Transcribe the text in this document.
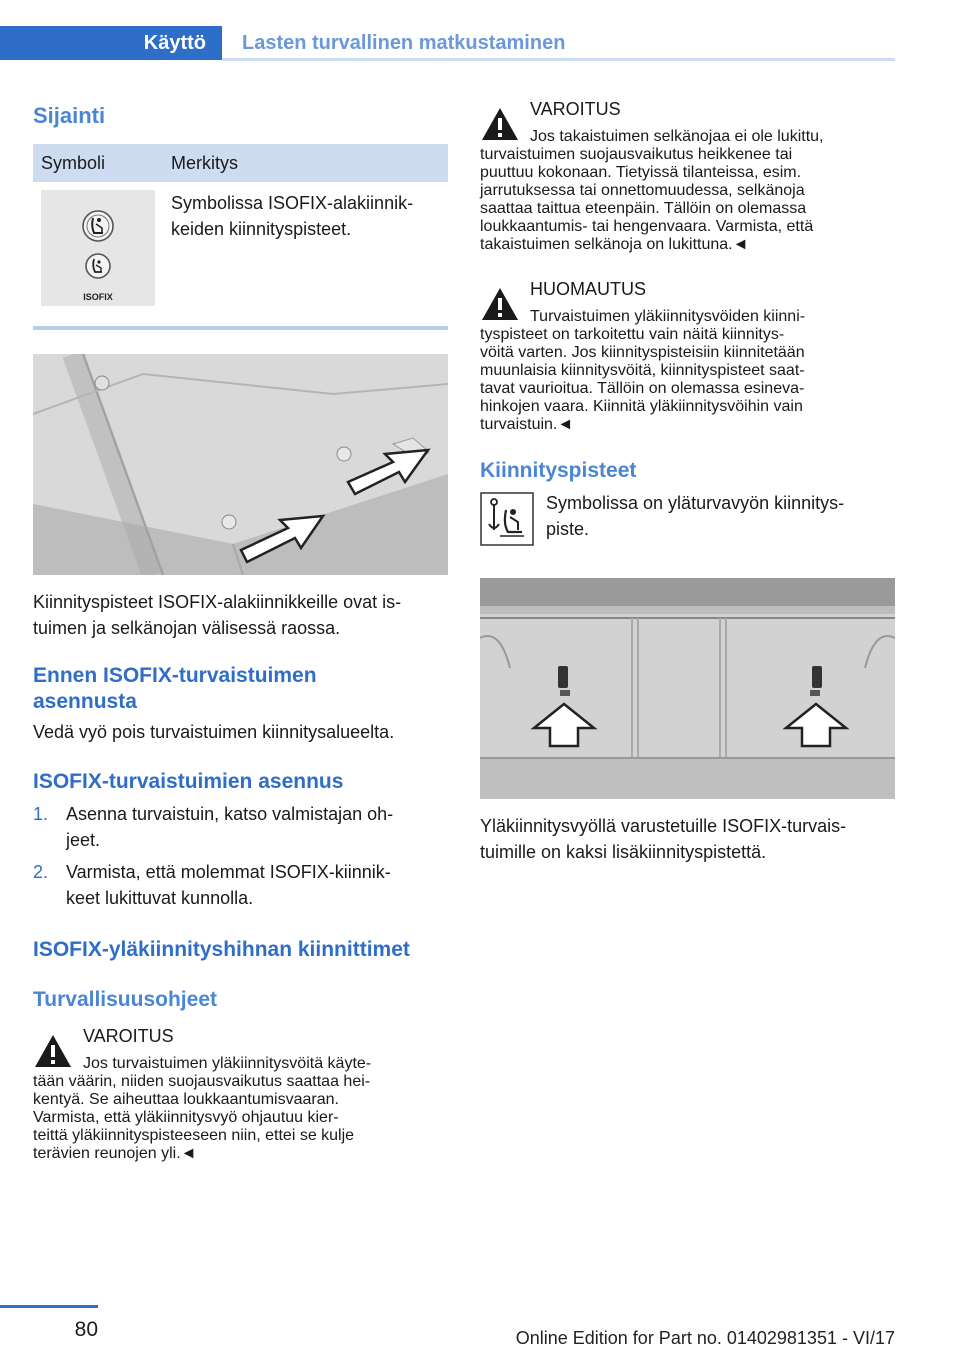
Käyttö	Lasten turvallinen matkustaminen
Sijainti
Symboli	Merkitys

ISOFIX	Symbolissa ISOFIX-alakiinnik-
keiden kiinnityspisteet.

Kiinnityspisteet ISOFIX-alakiinnikkeille ovat is-

tuimen ja selkänojan välisessä raossa.

Ennen ISOFIX-turvaistuimen
asennusta

Vedä vyö pois turvaistuimen kiinnitysalueelta.

ISOFIX-turvaistuimien asennus
1. Asenna turvaistuin, katso valmistajan oh-
jeet.
2. Varmista, että molemmat ISOFIX-kiinnik-
keet lukittuvat kunnolla.
ISOFIX-yläkiinnityshihnan kiinnittimet
Turvallisuusohjeet
VAROITUS
Jos turvaistuimen yläkiinnitysvöitä käyte-
tään väärin, niiden suojausvaikutus saattaa hei-
kentyä. Se aiheuttaa loukkaantumisvaaran.
Varmista, että yläkiinnitysvyö ohjautuu kier-
teittä yläkiinnityspisteeseen niin, ettei se kulje
terävien reunojen yli.◄
VAROITUS
Jos takaistuimen selkänojaa ei ole lukittu,
turvaistuimen suojausvaikutus heikkenee tai
puuttuu kokonaan. Tietyissä tilanteissa, esim.
jarrutuksessa tai onnettomuudessa, selkänoja
saattaa taittua eteenpäin. Tällöin on olemassa
loukkaantumis- tai hengenvaara. Varmista, että
takaistuimen selkänoja on lukittuna.◄
HUOMAUTUS
Turvaistuimen yläkiinnitysvöiden kiinni-
tyspisteet on tarkoitettu vain näitä kiinnitys-
vöitä varten. Jos kiinnityspisteisiin kiinnitetään
muunlaisia kiinnitysvöitä, kiinnityspisteet saat-
tavat vaurioitua. Tällöin on olemassa esineva-
hinkojen vaara. Kiinnitä yläkiinnitysvöihin vain
turvaistuin.◄
Kiinnityspisteet

Symbolissa on yläturvavyön kiinnitys-

piste.

Yläkiinnitysvyöllä varustetuille ISOFIX-turvais-

tuimille on kaksi lisäkiinnityspistettä.

80	Online Edition for Part no. 01402981351 - VI/17
